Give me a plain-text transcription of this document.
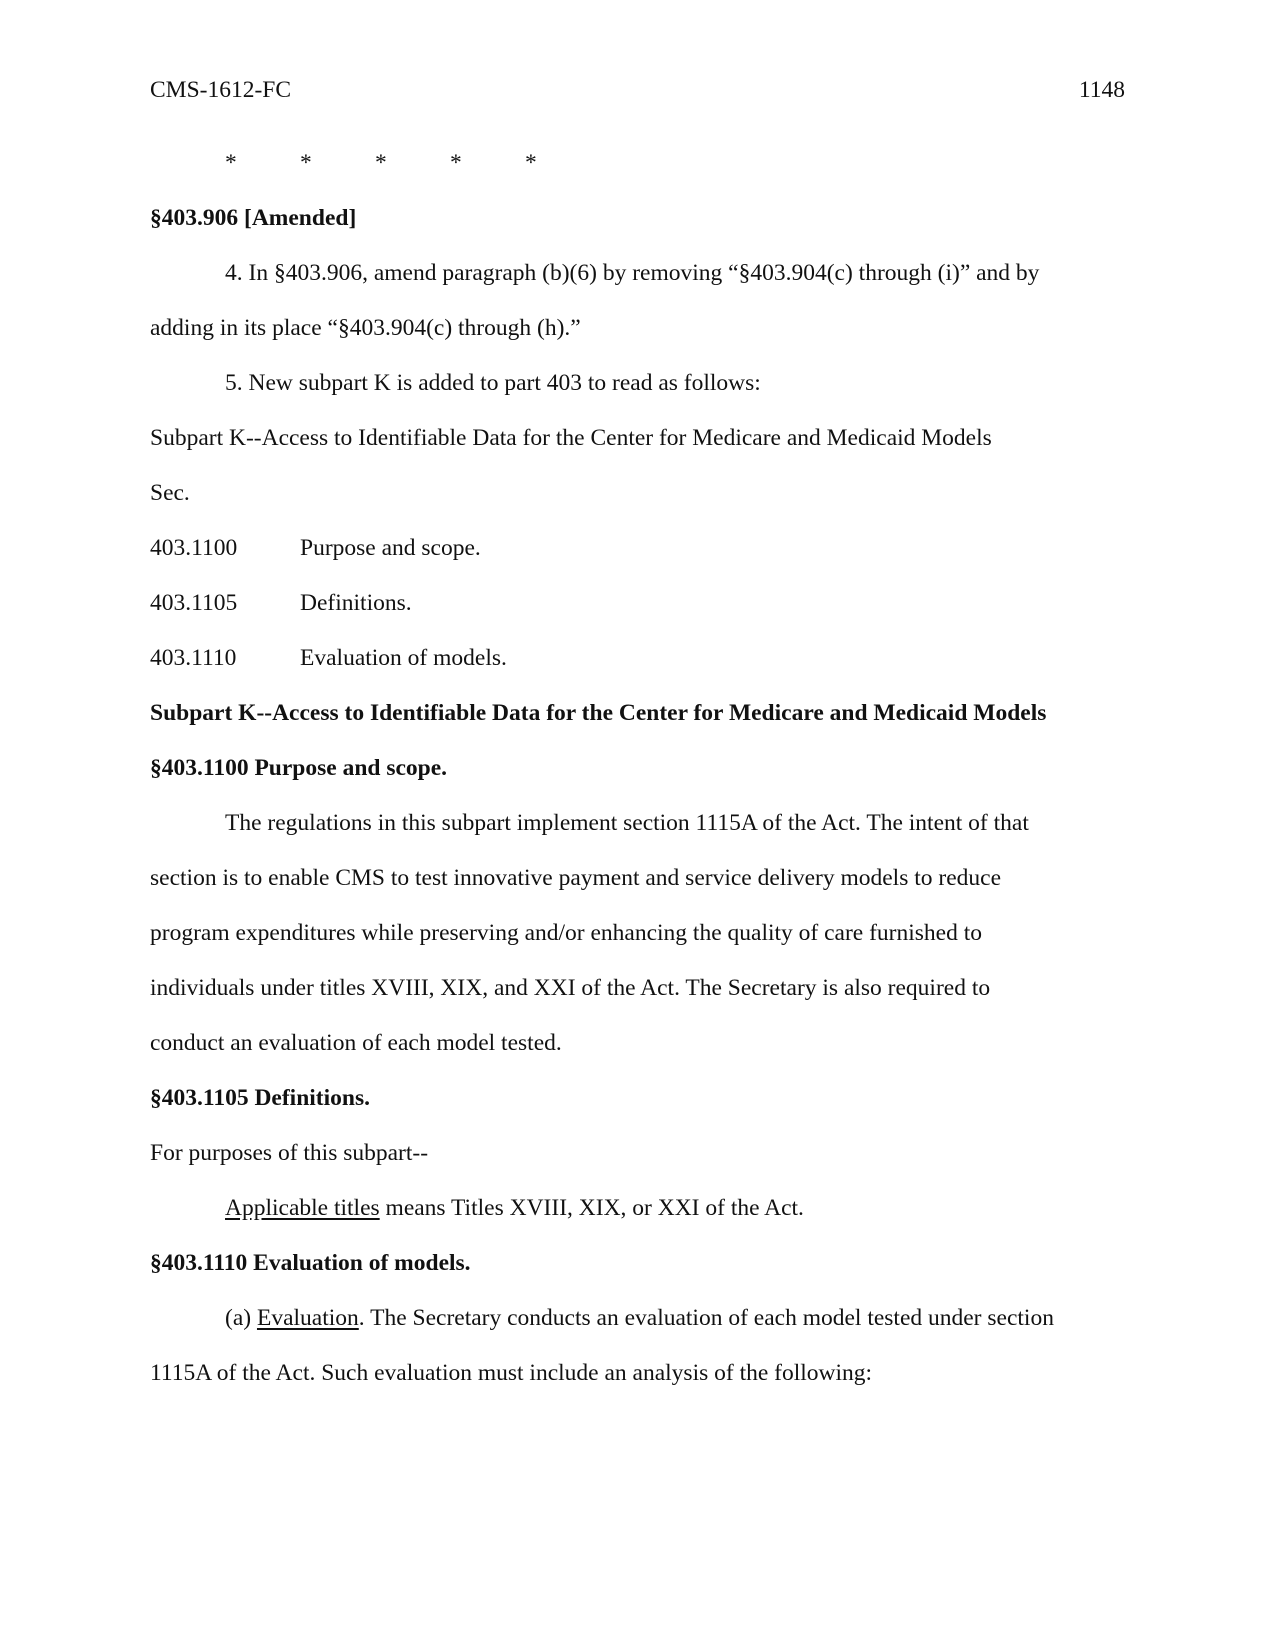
CMS-1612-FC	1148
*	*	*	*	*
§403.906 [Amended]
4. In §403.906, amend paragraph (b)(6) by removing “§403.904(c) through (i)” and by
adding in its place “§403.904(c) through (h).”
5. New subpart K is added to part 403 to read as follows:
Subpart K--Access to Identifiable Data for the Center for Medicare and Medicaid Models
Sec.
403.1100	Purpose and scope.
403.1105	Definitions.
403.1110	Evaluation of models.
Subpart K--Access to Identifiable Data for the Center for Medicare and Medicaid Models
§403.1100 Purpose and scope.
The regulations in this subpart implement section 1115A of the Act. The intent of that
section is to enable CMS to test innovative payment and service delivery models to reduce
program expenditures while preserving and/or enhancing the quality of care furnished to
individuals under titles XVIII, XIX, and XXI of the Act. The Secretary is also required to
conduct an evaluation of each model tested.
§403.1105 Definitions.
For purposes of this subpart--
Applicable titles means Titles XVIII, XIX, or XXI of the Act.
§403.1110 Evaluation of models.
(a) Evaluation. The Secretary conducts an evaluation of each model tested under section
1115A of the Act. Such evaluation must include an analysis of the following:
